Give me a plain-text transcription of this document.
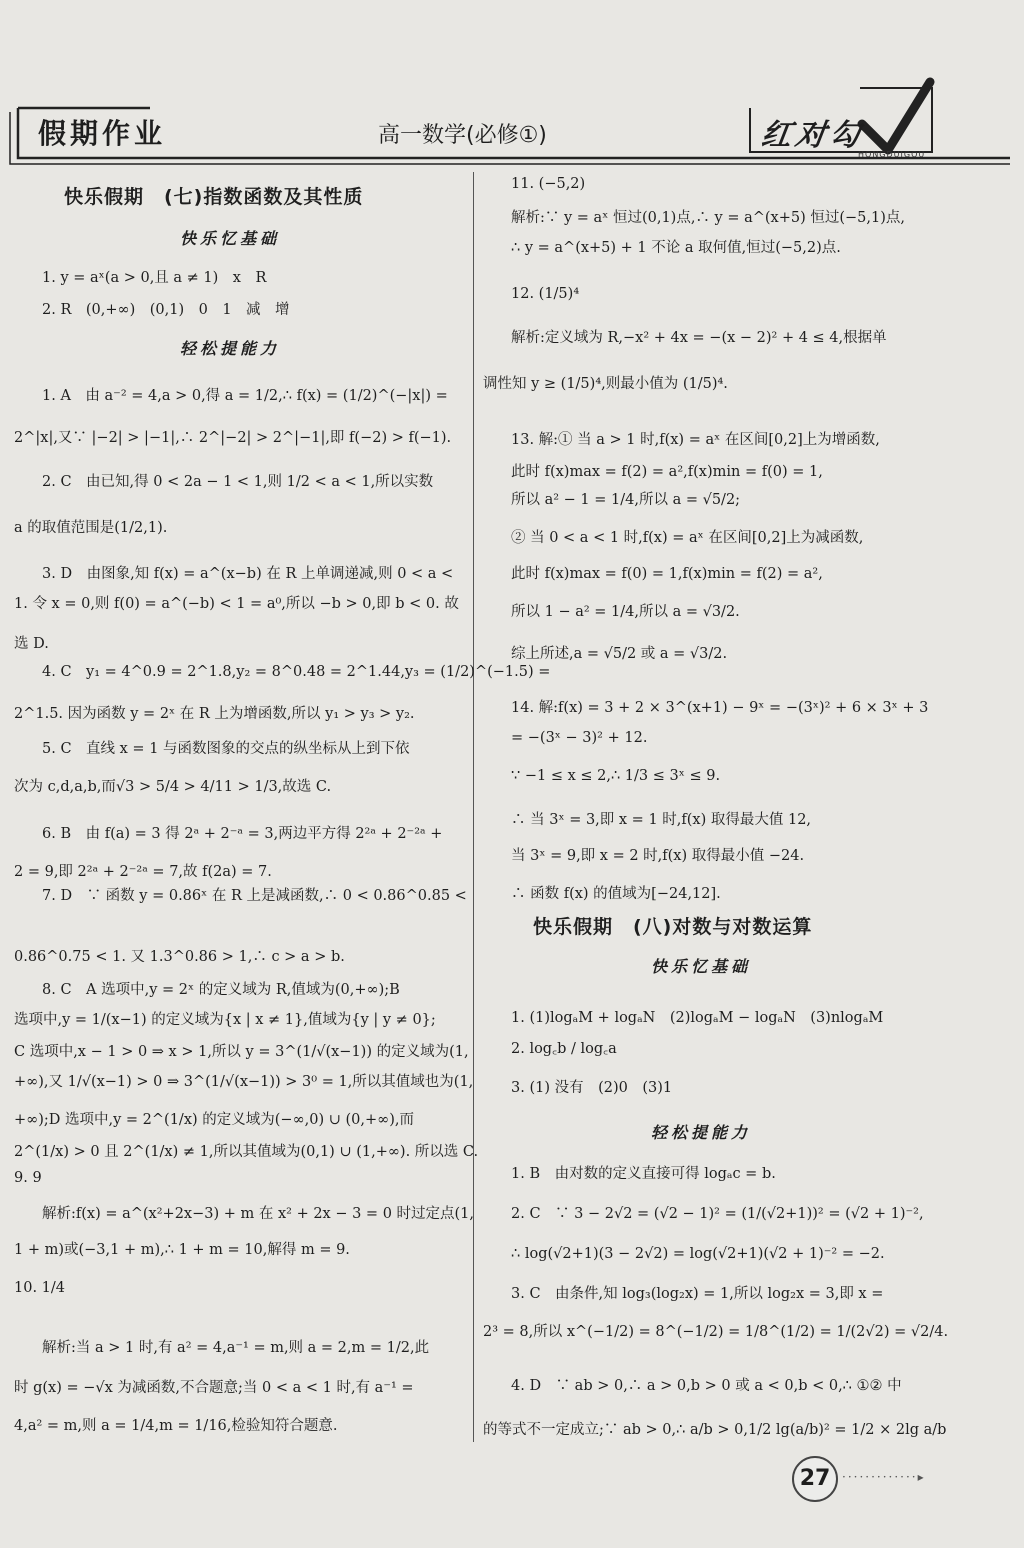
假期作业	高一数学(必修①)	红对勾
HONGDUIGOU
快乐假期　(七)指数函数及其性质
快乐忆基础
1. y = aˣ(a > 0,且 a ≠ 1)　x　R
2. R　(0,+∞)　(0,1)　0　1　减　增
轻松提能力
1. A　由 a⁻² = 4,a > 0,得 a = 1/2,∴ f(x) = (1/2)^(−|x|) =
2^|x|,又∵ |−2| > |−1|,∴ 2^|−2| > 2^|−1|,即 f(−2) > f(−1).
2. C　由已知,得 0 < 2a − 1 < 1,则 1/2 < a < 1,所以实数
a 的取值范围是(1/2,1).
3. D　由图象,知 f(x) = a^(x−b) 在 R 上单调递减,则 0 < a <
1. 令 x = 0,则 f(0) = a^(−b) < 1 = a⁰,所以 −b > 0,即 b < 0. 故
选 D.
4. C　y₁ = 4^0.9 = 2^1.8,y₂ = 8^0.48 = 2^1.44,y₃ = (1/2)^(−1.5) =
2^1.5. 因为函数 y = 2ˣ 在 R 上为增函数,所以 y₁ > y₃ > y₂.
5. C　直线 x = 1 与函数图象的交点的纵坐标从上到下依
次为 c,d,a,b,而√3 > 5/4 > 4/11 > 1/3,故选 C.
6. B　由 f(a) = 3 得 2ᵃ + 2⁻ᵃ = 3,两边平方得 2²ᵃ + 2⁻²ᵃ +
2 = 9,即 2²ᵃ + 2⁻²ᵃ = 7,故 f(2a) = 7.
7. D　∵ 函数 y = 0.86ˣ 在 R 上是减函数,∴ 0 < 0.86^0.85 <
0.86^0.75 < 1. 又 1.3^0.86 > 1,∴ c > a > b.
8. C　A 选项中,y = 2ˣ 的定义域为 R,值域为(0,+∞);B
选项中,y = 1/(x−1) 的定义域为{x | x ≠ 1},值域为{y | y ≠ 0};
C 选项中,x − 1 > 0 ⇒ x > 1,所以 y = 3^(1/√(x−1)) 的定义域为(1,
+∞),又 1/√(x−1) > 0 ⇒ 3^(1/√(x−1)) > 3⁰ = 1,所以其值域也为(1,
+∞);D 选项中,y = 2^(1/x) 的定义域为(−∞,0) ∪ (0,+∞),而
2^(1/x) > 0 且 2^(1/x) ≠ 1,所以其值域为(0,1) ∪ (1,+∞). 所以选 C.
9. 9
解析:f(x) = a^(x²+2x−3) + m 在 x² + 2x − 3 = 0 时过定点(1,
1 + m)或(−3,1 + m),∴ 1 + m = 10,解得 m = 9.
10. 1/4
解析:当 a > 1 时,有 a² = 4,a⁻¹ = m,则 a = 2,m = 1/2,此
时 g(x) = −√x 为减函数,不合题意;当 0 < a < 1 时,有 a⁻¹ =
4,a² = m,则 a = 1/4,m = 1/16,检验知符合题意.
11. (−5,2)
解析:∵ y = aˣ 恒过(0,1)点,∴ y = a^(x+5) 恒过(−5,1)点,
∴ y = a^(x+5) + 1 不论 a 取何值,恒过(−5,2)点.
12. (1/5)⁴
解析:定义域为 R,−x² + 4x = −(x − 2)² + 4 ≤ 4,根据单
调性知 y ≥ (1/5)⁴,则最小值为 (1/5)⁴.
13. 解:① 当 a > 1 时,f(x) = aˣ 在区间[0,2]上为增函数,
此时 f(x)max = f(2) = a²,f(x)min = f(0) = 1,
所以 a² − 1 = 1/4,所以 a = √5/2;
② 当 0 < a < 1 时,f(x) = aˣ 在区间[0,2]上为减函数,
此时 f(x)max = f(0) = 1,f(x)min = f(2) = a²,
所以 1 − a² = 1/4,所以 a = √3/2.
综上所述,a = √5/2 或 a = √3/2.
14. 解:f(x) = 3 + 2 × 3^(x+1) − 9ˣ = −(3ˣ)² + 6 × 3ˣ + 3
= −(3ˣ − 3)² + 12.
∵ −1 ≤ x ≤ 2,∴ 1/3 ≤ 3ˣ ≤ 9.
∴ 当 3ˣ = 3,即 x = 1 时,f(x) 取得最大值 12,
当 3ˣ = 9,即 x = 2 时,f(x) 取得最小值 −24.
∴ 函数 f(x) 的值域为[−24,12].
快乐假期　(八)对数与对数运算
快乐忆基础
1. (1)logₐM + logₐN　(2)logₐM − logₐN　(3)nlogₐM
2. log꜀b / log꜀a
3. (1) 没有　(2)0　(3)1
轻松提能力
1. B　由对数的定义直接可得 logₐc = b.
2. C　∵ 3 − 2√2 = (√2 − 1)² = (1/(√2+1))² = (√2 + 1)⁻²,
∴ log(√2+1)(3 − 2√2) = log(√2+1)(√2 + 1)⁻² = −2.
3. C　由条件,知 log₃(log₂x) = 1,所以 log₂x = 3,即 x =
2³ = 8,所以 x^(−1/2) = 8^(−1/2) = 1/8^(1/2) = 1/(2√2) = √2/4.
4. D　∵ ab > 0,∴ a > 0,b > 0 或 a < 0,b < 0,∴ ①② 中
的等式不一定成立;∵ ab > 0,∴ a/b > 0,1/2 lg(a/b)² = 1/2 × 2lg a/b
27 ·············▸
